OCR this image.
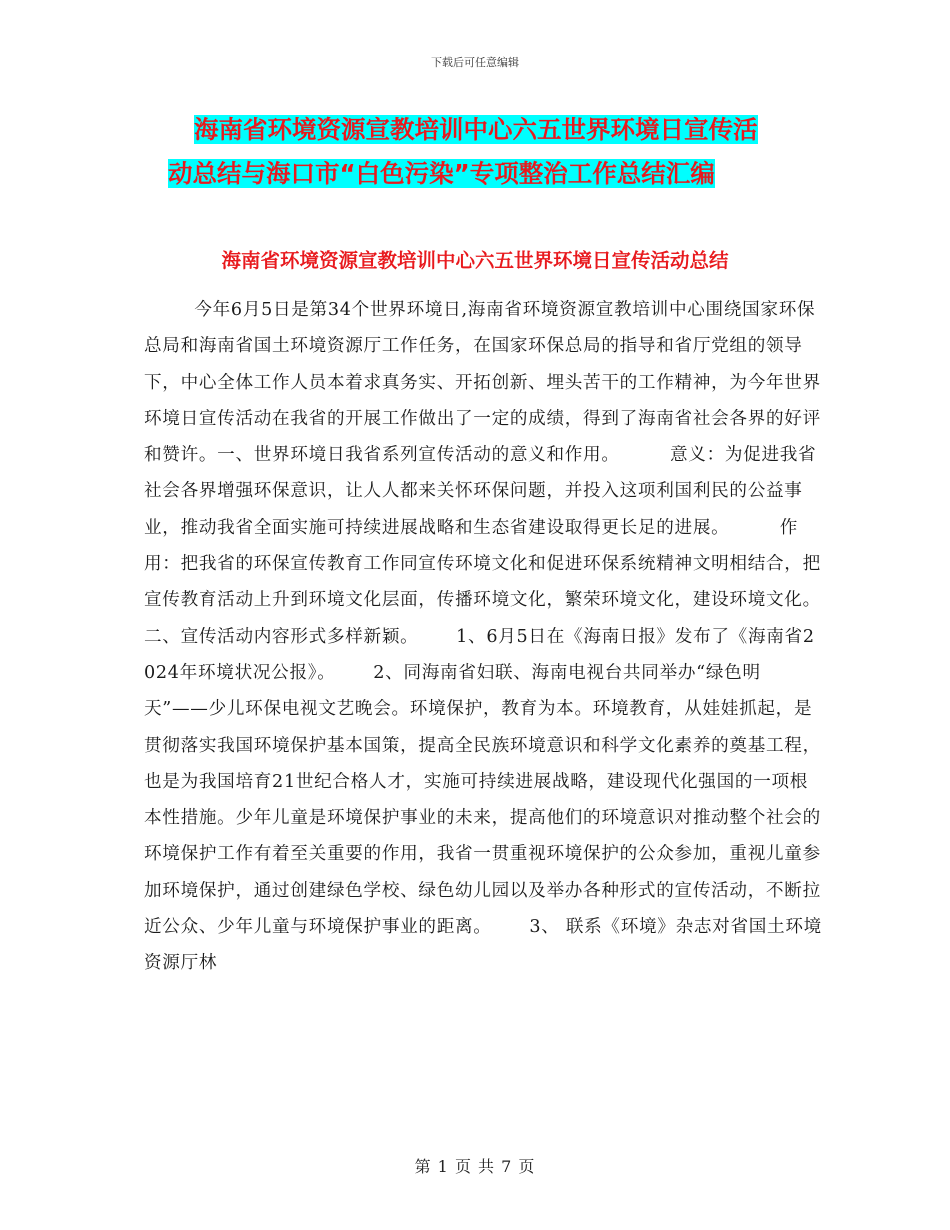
下载后可任意编辑
海南省环境资源宣教培训中心六五世界环境日宣传活
动总结与海口市“白色污染”专项整治工作总结汇编
海南省环境资源宣教培训中心六五世界环境日宣传活动总结

今年6月5日是第34个世界环境日,海南省环境资源宣教培训中心围绕国家环保总局和海南省国土环境资源厅工作任务，在国家环保总局的指导和省厅党组的领导下，中心全体工作人员本着求真务实、开拓创新、埋头苦干的工作精神，为今年世界环境日宣传活动在我省的开展工作做出了一定的成绩，得到了海南省社会各界的好评和赞许。一、世界环境日我省系列宣传活动的意义和作用。        意义：为促进我省社会各界增强环保意识，让人人都来关怀环保问题，并投入这项利国利民的公益事业，推动我省全面实施可持续进展战略和生态省建设取得更长足的进展。        作用：把我省的环保宣传教育工作同宣传环境文化和促进环保系统精神文明相结合，把宣传教育活动上升到环境文化层面，传播环境文化，繁荣环境文化，建设环境文化。        二、宣传活动内容形式多样新颖。      1、6月5日在《海南日报》发布了《海南省2024年环境状况公报》。      2、同海南省妇联、海南电视台共同举办“绿色明天”——少儿环保电视文艺晚会。环境保护，教育为本。环境教育，从娃娃抓起，是贯彻落实我国环境保护基本国策，提高全民族环境意识和科学文化素养的奠基工程，也是为我国培育21世纪合格人才，实施可持续进展战略，建设现代化强国的一项根本性措施。少年儿童是环境保护事业的未来，提高他们的环境意识对推动整个社会的环境保护工作有着至关重要的作用，我省一贯重视环境保护的公众参加，重视儿童参加环境保护，通过创建绿色学校、绿色幼儿园以及举办各种形式的宣传活动，不断拉近公众、少年儿童与环境保护事业的距离。      3、 联系《环境》杂志对省国土环境资源厅林

第 1 页 共 7 页
